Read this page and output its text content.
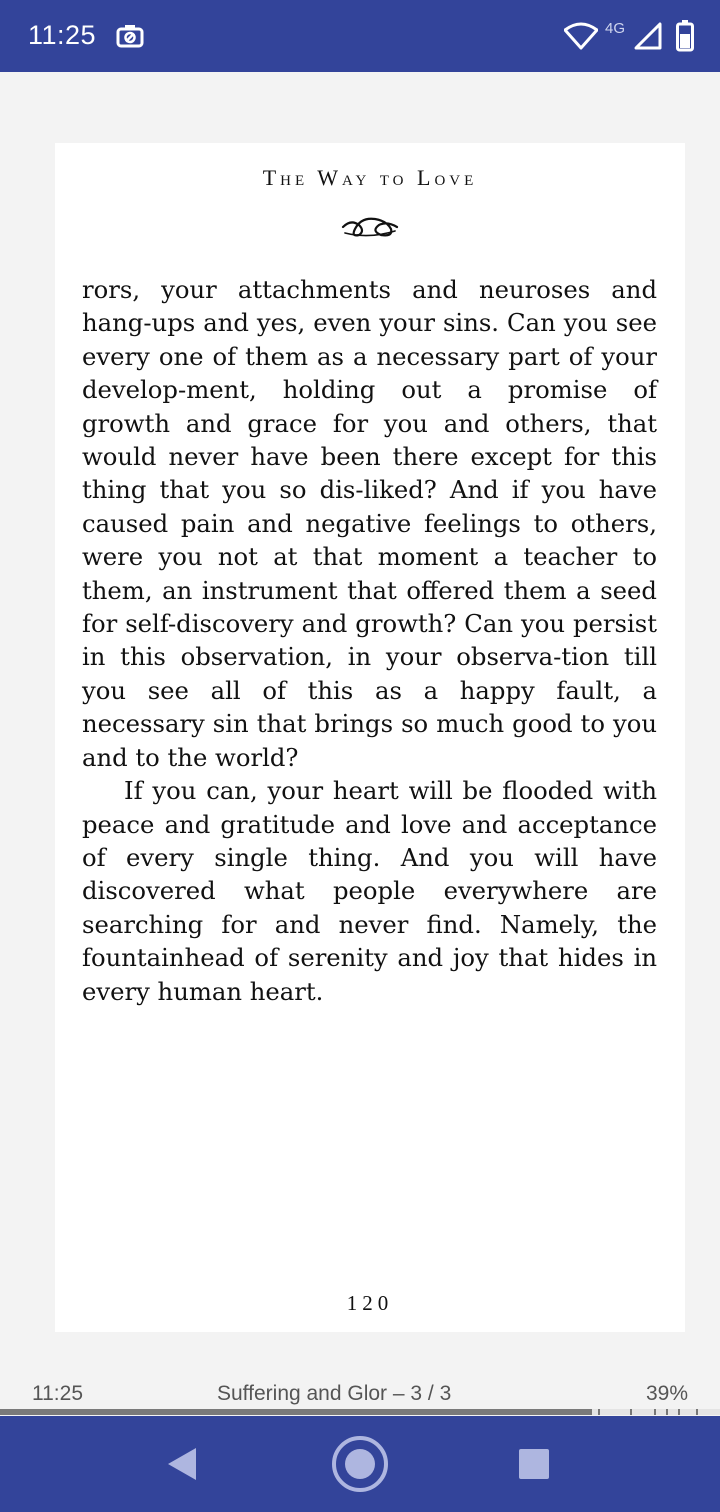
11:25	4G
The Way to Love

rors, your attachments and neuroses and hang-ups and yes, even your sins. Can you see every one of them as a necessary part of your develop-ment, holding out a promise of growth and grace for you and others, that would never have been there except for this thing that you so dis-liked? And if you have caused pain and negative feelings to others, were you not at that moment a teacher to them, an instrument that offered them a seed for self-discovery and growth? Can you persist in this observation, in your observa-tion till you see all of this as a happy fault, a necessary sin that brings so much good to you and to the world?

If you can, your heart will be flooded with peace and gratitude and love and acceptance of every single thing. And you will have discovered what people everywhere are searching for and never find. Namely, the fountainhead of serenity and joy that hides in every human heart.

120
11:25	Suffering and Glor – 3 / 3	39%
